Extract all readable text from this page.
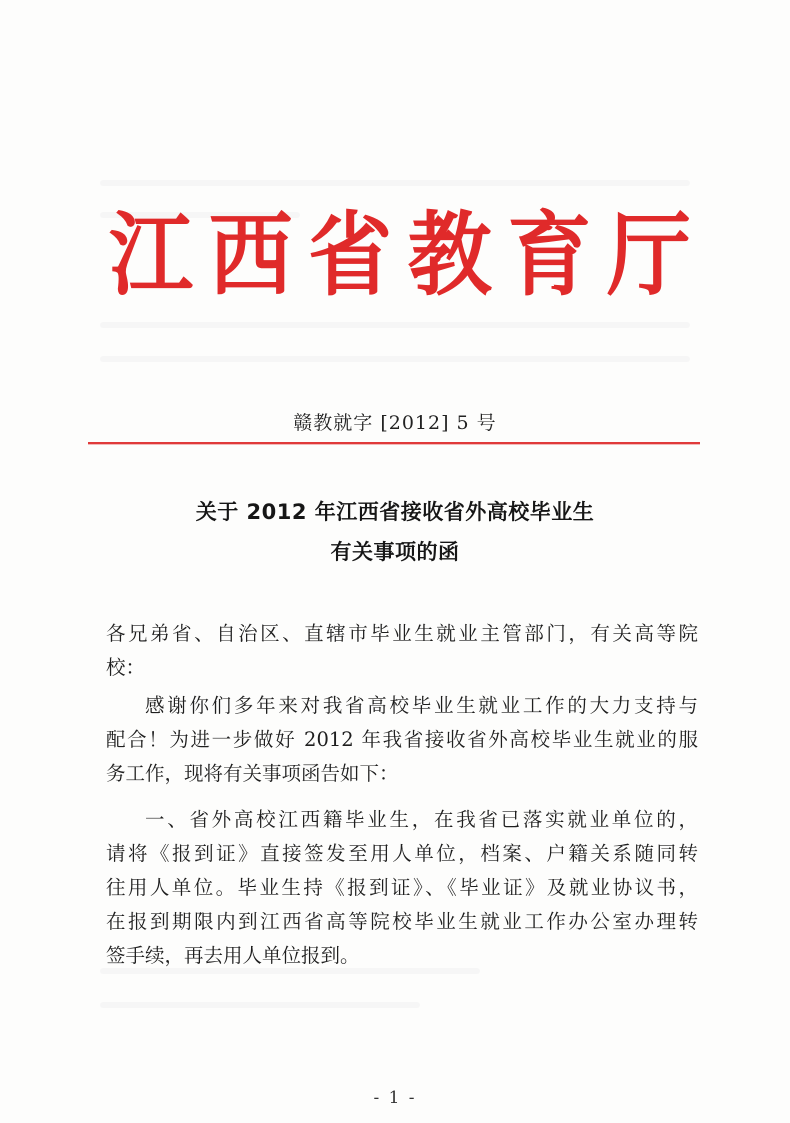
江 西 省 教 育 厅
赣教就字 [2012] 5 号
关于 2012 年江西省接收省外高校毕业生
有关事项的函
各兄弟省、自治区、直辖市毕业生就业主管部门，有关高等院
校：
感谢你们多年来对我省高校毕业生就业工作的大力支持与
配合！为进一步做好 2012 年我省接收省外高校毕业生就业的服
务工作，现将有关事项函告如下：
一、省外高校江西籍毕业生，在我省已落实就业单位的，
请将《报到证》直接签发至用人单位，档案、户籍关系随同转
往用人单位。毕业生持《报到证》、《毕业证》及就业协议书，
在报到期限内到江西省高等院校毕业生就业工作办公室办理转
签手续，再去用人单位报到。
- 1 -
